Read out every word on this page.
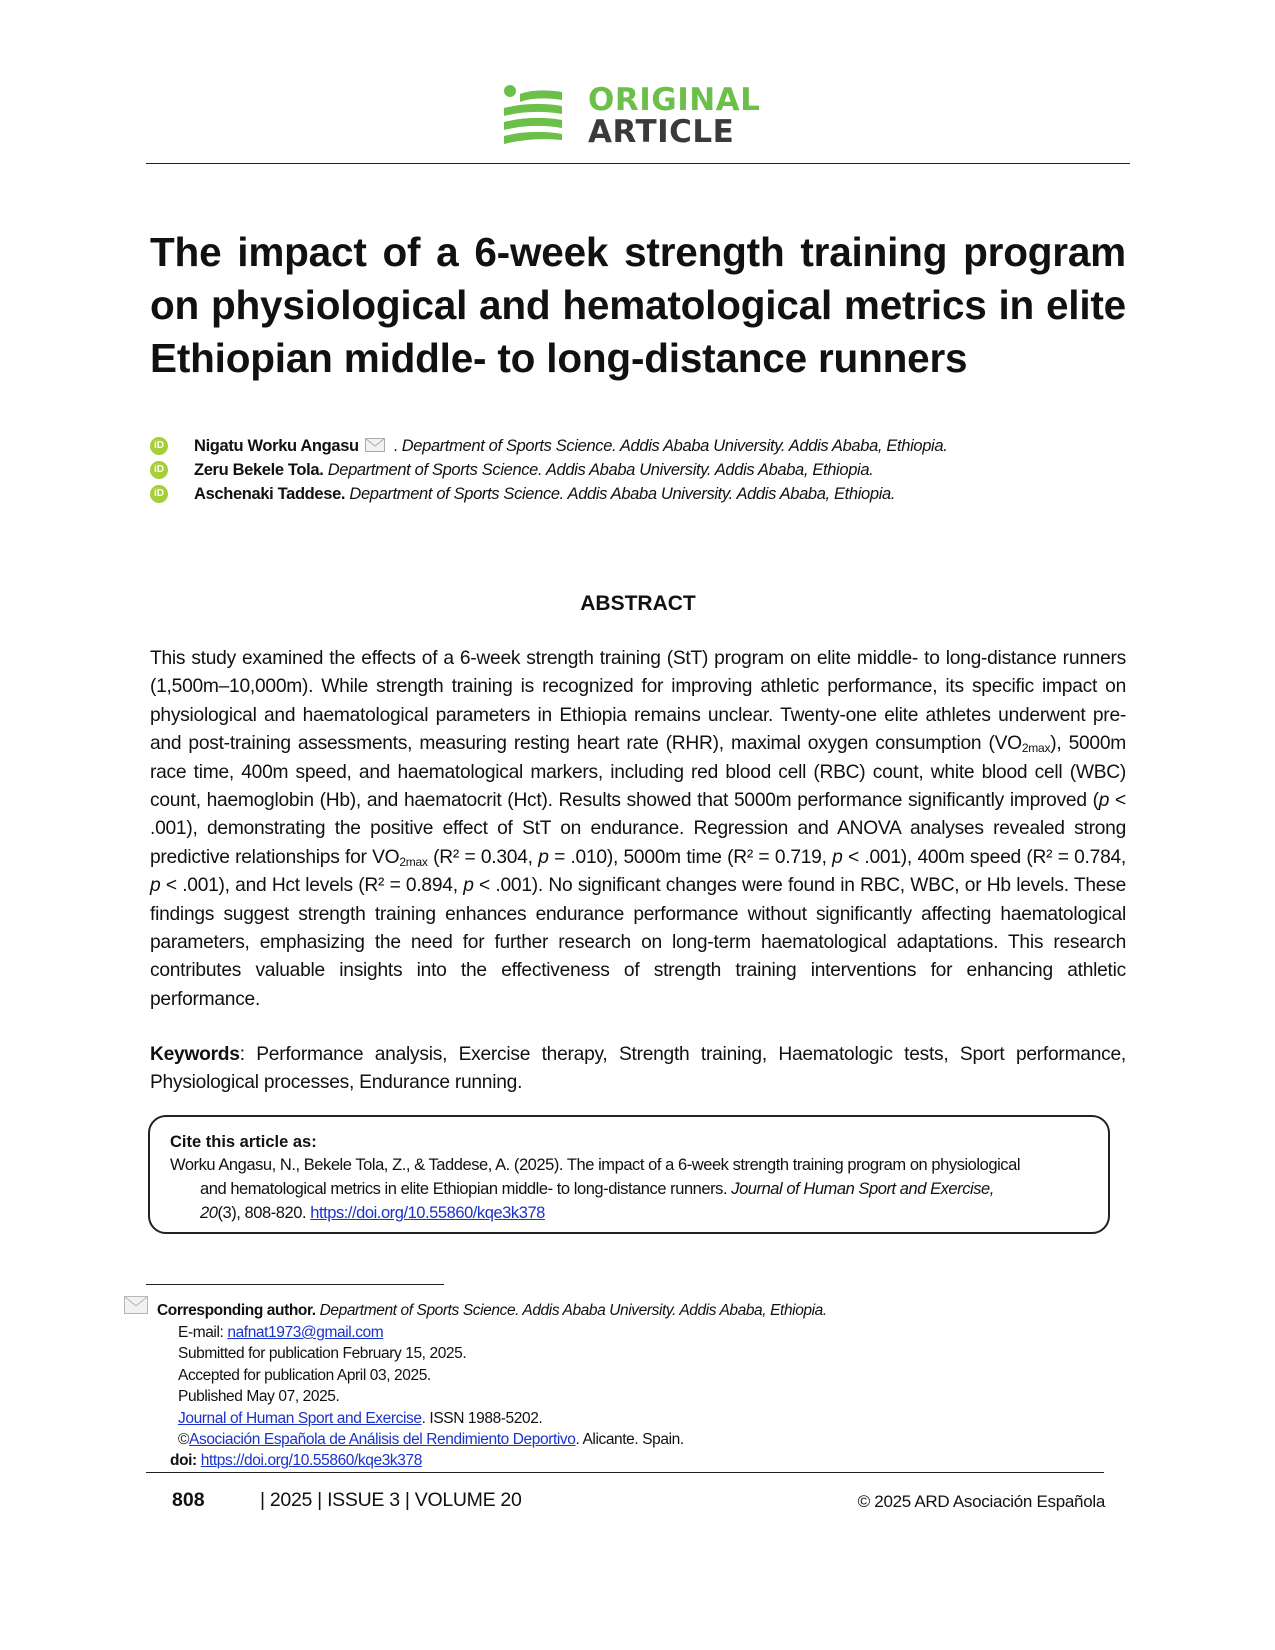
ORIGINAL
ARTICLE
The impact of a 6-week strength training program on physiological and hematological metrics in elite Ethiopian middle- to long-distance runners
iD Nigatu Worku Angasu . Department of Sports Science. Addis Ababa University. Addis Ababa, Ethiopia.
iD Zeru Bekele Tola. Department of Sports Science. Addis Ababa University. Addis Ababa, Ethiopia.
iD Aschenaki Taddese. Department of Sports Science. Addis Ababa University. Addis Ababa, Ethiopia.
ABSTRACT
This study examined the effects of a 6-week strength training (StT) program on elite middle- to long-distance runners (1,500m–10,000m). While strength training is recognized for improving athletic performance, its specific impact on physiological and haematological parameters in Ethiopia remains unclear. Twenty-one elite athletes underwent pre- and post-training assessments, measuring resting heart rate (RHR), maximal oxygen consumption $(VO_{2max})$, 5000m race time, 400m speed, and haematological markers, including red blood cell (RBC) count, white blood cell (WBC) count, haemoglobin (Hb), and haematocrit (Hct). Results showed that 5000m performance significantly improved (p < .001), demonstrating the positive effect of StT on endurance. Regression and ANOVA analyses revealed strong predictive relationships for $VO_{2max}$ (R² = 0.304, p = .010), 5000m time (R² = 0.719, p < .001), 400m speed (R² = 0.784, p < .001), and Hct levels (R² = 0.894, p < .001). No significant changes were found in RBC, WBC, or Hb levels. These findings suggest strength training enhances endurance performance without significantly affecting haematological parameters, emphasizing the need for further research on long-term haematological adaptations. This research contributes valuable insights into the effectiveness of strength training interventions for enhancing athletic performance.
Keywords: Performance analysis, Exercise therapy, Strength training, Haematologic tests, Sport performance, Physiological processes, Endurance running.
Cite this article as:
Worku Angasu, N., Bekele Tola, Z., & Taddese, A. (2025). The impact of a 6-week strength training program on physiological
and hematological metrics in elite Ethiopian middle- to long-distance runners. Journal of Human Sport and Exercise,
20(3), 808-820. https://doi.org/10.55860/kqe3k378
Corresponding author. Department of Sports Science. Addis Ababa University. Addis Ababa, Ethiopia.
E-mail: nafnat1973@gmail.com
Submitted for publication February 15, 2025.
Accepted for publication April 03, 2025.
Published May 07, 2025.
Journal of Human Sport and Exercise. ISSN 1988-5202.
©Asociación Española de Análisis del Rendimiento Deportivo. Alicante. Spain.
doi: https://doi.org/10.55860/kqe3k378
808	| 2025 | ISSUE 3 | VOLUME 20	© 2025 ARD Asociación Española
